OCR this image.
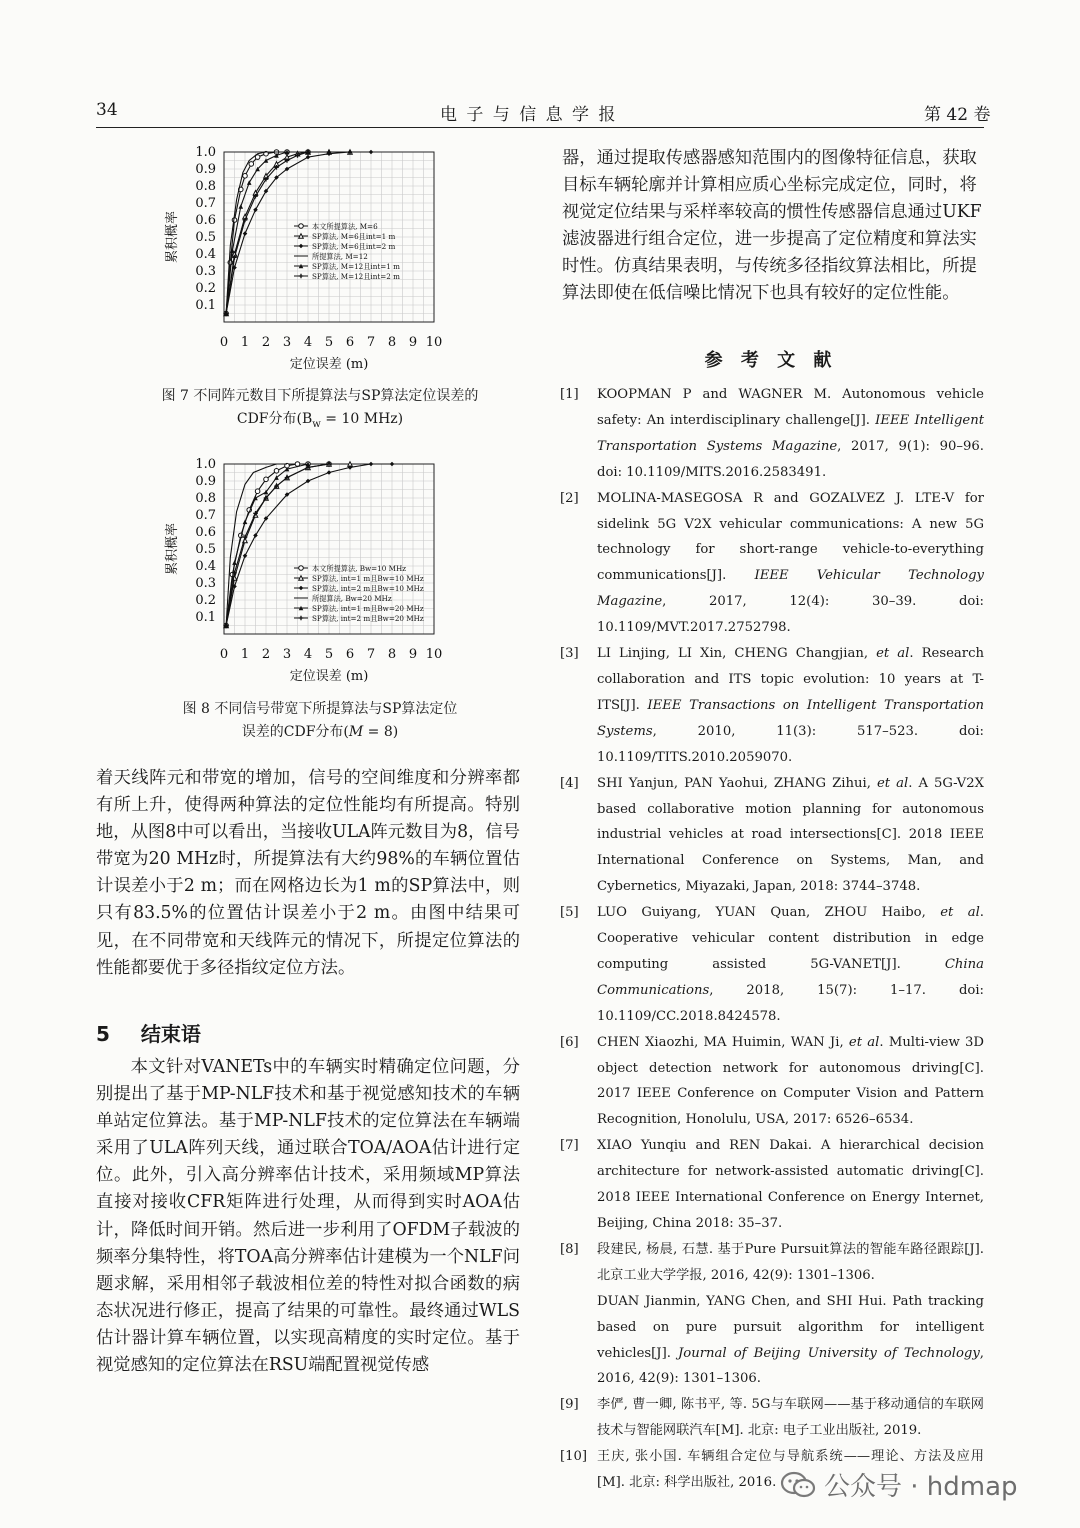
34	电 子 与 信 息 学 报	第 42 卷
0 1 2 3 4 5 6 7 8 9 10
0.1
0.2
0.3
0.4
0.5
0.6
0.7
0.8
0.9
1.0
定位误差 (m)
累积概率	本文所提算法, M=6
SP算法, M=6且int=1 m
SP算法, M=6且int=2 m
所提算法, M=12
SP算法, M=12且int=1 m
SP算法, M=12且int=2 m
图 7 不同阵元数目下所提算法与SP算法定位误差的
CDF分布($B_w = 10$ MHz)
0 1 2 3 4 5 6 7 8 9 10
0.1
0.2
0.3
0.4
0.5
0.6
0.7
0.8
0.9
1.0
定位误差 (m)
累积概率	本文所提算法, Bw=10 MHz
SP算法, int=1 m且Bw=10 MHz
SP算法, int=2 m且Bw=10 MHz
所提算法, Bw=20 MHz
SP算法, int=1 m且Bw=20 MHz
SP算法, int=2 m且Bw=20 MHz
图 8 不同信号带宽下所提算法与SP算法定位
误差的CDF分布(M = 8)

着天线阵元和带宽的增加，信号的空间维度和分辨率都有所上升，使得两种算法的定位性能均有所提高。特别地，从图8中可以看出，当接收ULA阵元数目为8，信号带宽为20 MHz时，所提算法有大约98%的车辆位置估计误差小于2 m；而在网格边长为1 m的SP算法中，则只有83.5%的位置估计误差小于2 m。由图中结果可见，在不同带宽和天线阵元的情况下，所提定位算法的性能都要优于多径指纹定位方法。

5 结束语

本文针对VANETs中的车辆实时精确定位问题，分别提出了基于MP-NLF技术和基于视觉感知技术的车辆单站定位算法。基于MP-NLF技术的定位算法在车辆端采用了ULA阵列天线，通过联合TOA/AOA估计进行定位。此外，引入高分辨率估计技术，采用频域MP算法直接对接收CFR矩阵进行处理，从而得到实时AOA估计，降低时间开销。然后进一步利用了OFDM子载波的频率分集特性，将TOA高分辨率估计建模为一个NLF问题求解，采用相邻子载波相位差的特性对拟合函数的病态状况进行修正，提高了结果的可靠性。最终通过WLS估计器计算车辆位置，以实现高精度的实时定位。基于视觉感知的定位算法在RSU端配置视觉传感

器，通过提取传感器感知范围内的图像特征信息，获取目标车辆轮廓并计算相应质心坐标完成定位，同时，将视觉定位结果与采样率较高的惯性传感器信息通过UKF滤波器进行组合定位，进一步提高了定位精度和算法实时性。仿真结果表明，与传统多径指纹算法相比，所提算法即使在低信噪比情况下也具有较好的定位性能。

参 考 文 献
[1] KOOPMAN P and WAGNER M. Autonomous vehicle safety: An interdisciplinary challenge[J]. IEEE Intelligent Transportation Systems Magazine, 2017, 9(1): 90–96. doi: 10.1109/MITS.2016.2583491.
[2] MOLINA-MASEGOSA R and GOZALVEZ J. LTE-V for sidelink 5G V2X vehicular communications: A new 5G technology for short-range vehicle-to-everything communications[J]. IEEE Vehicular Technology Magazine, 2017, 12(4): 30–39. doi: 10.1109/MVT.2017.2752798.
[3] LI Linjing, LI Xin, CHENG Changjian, et al. Research collaboration and ITS topic evolution: 10 years at T-ITS[J]. IEEE Transactions on Intelligent Transportation Systems, 2010, 11(3): 517–523. doi: 10.1109/TITS.2010.2059070.
[4] SHI Yanjun, PAN Yaohui, ZHANG Zihui, et al. A 5G-V2X based collaborative motion planning for autonomous industrial vehicles at road intersections[C]. 2018 IEEE International Conference on Systems, Man, and Cybernetics, Miyazaki, Japan, 2018: 3744–3748.
[5] LUO Guiyang, YUAN Quan, ZHOU Haibo, et al. Cooperative vehicular content distribution in edge computing assisted 5G-VANET[J]. China Communications, 2018, 15(7): 1–17. doi: 10.1109/CC.2018.8424578.
[6] CHEN Xiaozhi, MA Huimin, WAN Ji, et al. Multi-view 3D object detection network for autonomous driving[C]. 2017 IEEE Conference on Computer Vision and Pattern Recognition, Honolulu, USA, 2017: 6526–6534.
[7] XIAO Yunqiu and REN Dakai. A hierarchical decision architecture for network-assisted automatic driving[C]. 2018 IEEE International Conference on Energy Internet, Beijing, China 2018: 35–37.
[8] 段建民, 杨晨, 石慧. 基于Pure Pursuit算法的智能车路径跟踪[J]. 北京工业大学学报, 2016, 42(9): 1301–1306.
DUAN Jianmin, YANG Chen, and SHI Hui. Path tracking based on pure pursuit algorithm for intelligent vehicles[J]. Journal of Beijing University of Technology, 2016, 42(9): 1301–1306.
[9] 李俨, 曹一卿, 陈书平, 等. 5G与车联网——基于移动通信的车联网技术与智能网联汽车[M]. 北京: 电子工业出版社, 2019.
[10] 王庆, 张小国. 车辆组合定位与导航系统——理论、方法及应用[M]. 北京: 科学出版社, 2016.	公众号 · hdmap
